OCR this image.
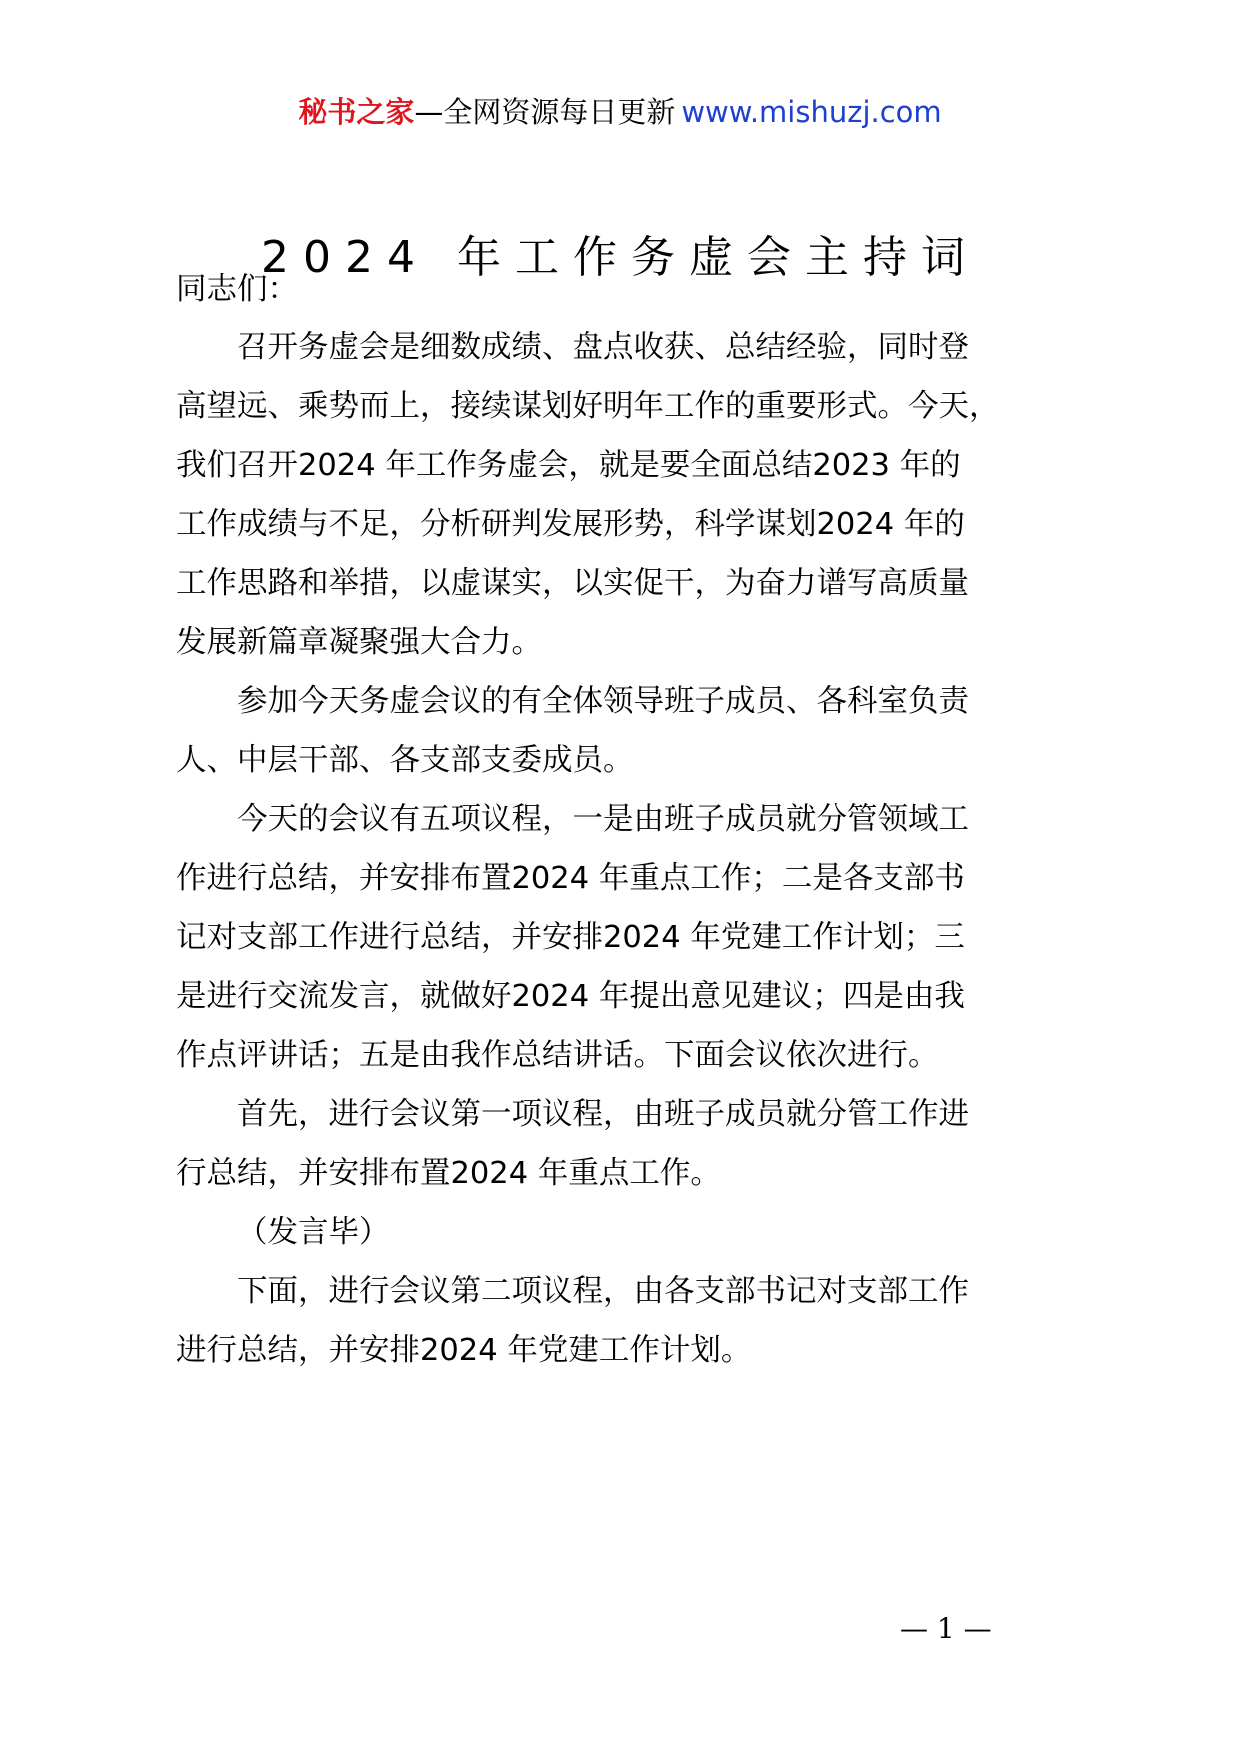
秘书之家—全网资源每日更新 www.mishuzj.com
2024 年工作务虚会主持词
同志们：
召开务虚会是细数成绩、盘点收获、总结经验，同时登
高望远、乘势而上，接续谋划好明年工作的重要形式。今天，
我们召开2024 年工作务虚会，就是要全面总结2023 年的
工作成绩与不足，分析研判发展形势，科学谋划2024 年的
工作思路和举措，以虚谋实，以实促干，为奋力谱写高质量
发展新篇章凝聚强大合力。
参加今天务虚会议的有全体领导班子成员、各科室负责
人、中层干部、各支部支委成员。
今天的会议有五项议程，一是由班子成员就分管领域工
作进行总结，并安排布置2024 年重点工作；二是各支部书
记对支部工作进行总结，并安排2024 年党建工作计划；三
是进行交流发言，就做好2024 年提出意见建议；四是由我
作点评讲话；五是由我作总结讲话。下面会议依次进行。
首先，进行会议第一项议程，由班子成员就分管工作进
行总结，并安排布置2024 年重点工作。
（发言毕）
下面，进行会议第二项议程，由各支部书记对支部工作
进行总结，并安排2024 年党建工作计划。
— 1 —
